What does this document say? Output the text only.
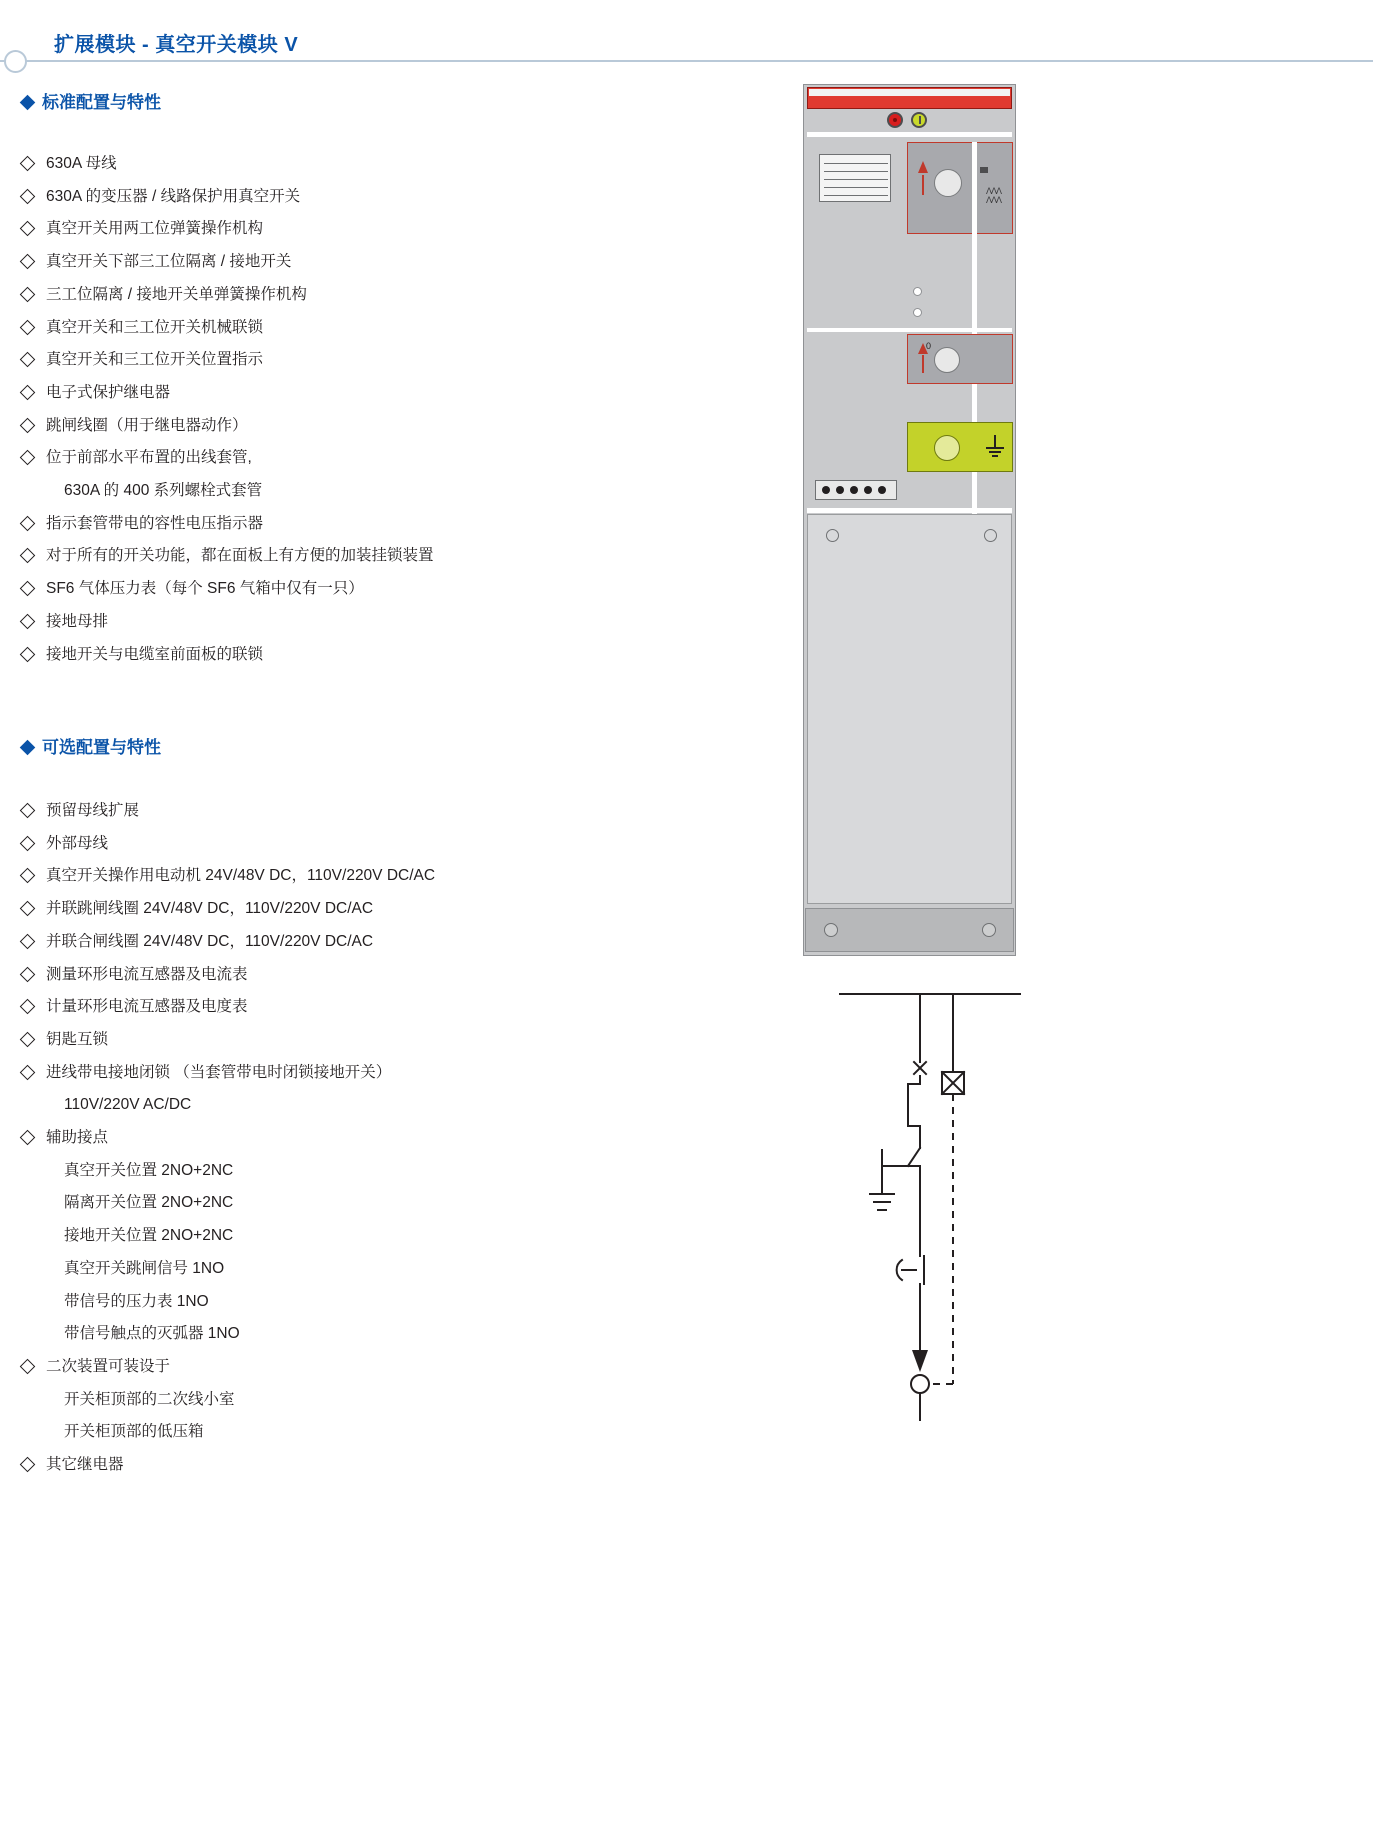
扩展模块 - 真空开关模块 V
标准配置与特性
630A 母线
630A 的变压器 / 线路保护用真空开关
真空开关用两工位弹簧操作机构
真空开关下部三工位隔离 / 接地开关
三工位隔离 / 接地开关单弹簧操作机构
真空开关和三工位开关机械联锁
真空开关和三工位开关位置指示
电子式保护继电器
跳闸线圈（用于继电器动作）
位于前部水平布置的出线套管,
630A 的 400 系列螺栓式套管
指示套管带电的容性电压指示器
对于所有的开关功能，都在面板上有方便的加装挂锁装置
SF6 气体压力表（每个 SF6 气箱中仅有一只）
接地母排
接地开关与电缆室前面板的联锁
可选配置与特性
预留母线扩展
外部母线
真空开关操作用电动机 24V/48V DC，110V/220V DC/AC
并联跳闸线圈 24V/48V DC，110V/220V DC/AC
并联合闸线圈 24V/48V DC，110V/220V DC/AC
测量环形电流互感器及电流表
计量环形电流互感器及电度表
钥匙互锁
进线带电接地闭锁 （当套管带电时闭锁接地开关）
110V/220V AC/DC
辅助接点
真空开关位置 2NO+2NC
隔离开关位置 2NO+2NC
接地开关位置 2NO+2NC
真空开关跳闸信号 1NO
带信号的压力表 1NO
带信号触点的灭弧器 1NO
二次装置可装设于
开关柜顶部的二次线小室
开关柜顶部的低压箱
其它继电器
ΛΛΛ
ΛΛΛ
0
